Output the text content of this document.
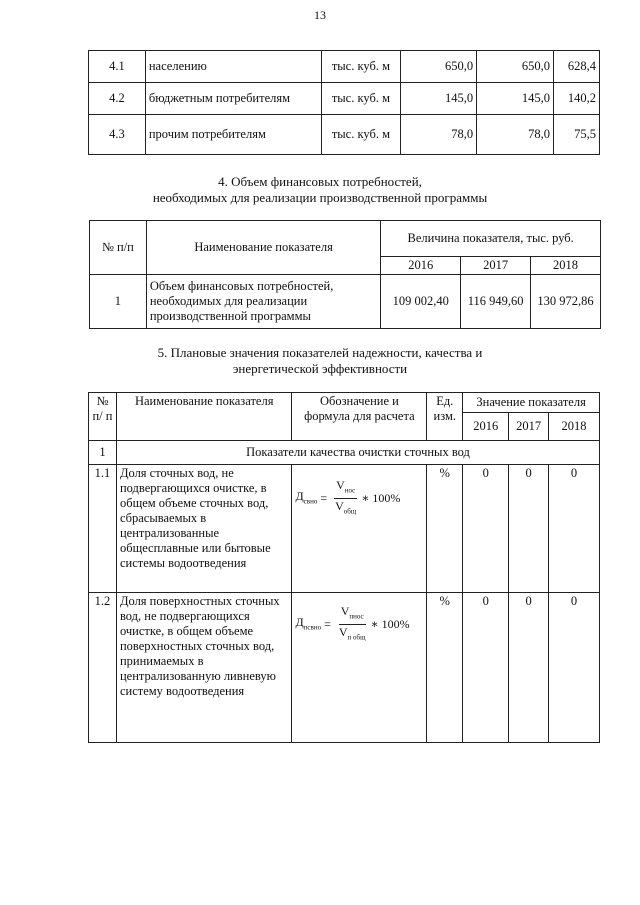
13
4.1	населению	тыс. куб. м	650,0	650,0	628,4
4.2	бюджетным потребителям	тыс. куб. м	145,0	145,0	140,2
4.3	прочим потребителям	тыс. куб. м	78,0	78,0	75,5
4. Объем финансовых потребностей,
необходимых для реализации производственной программы
№ п/п	Наименование показателя	Величина показателя, тыс. руб.		
		2016	2017	2018
1	Объем финансовых потребностей, необходимых для реализации производственной программы	109 002,40	116 949,60	130 972,86
5. Плановые значения показателей надежности, качества и
энергетической эффективности
№ п/ п	Наименование показателя	Обозначение и формула для расчета	Ед. изм.	Значение показателя		
				2016	2017	2018
1	Показатели качества очистки сточных вод					
1.1	Доля сточных вод, не подвергающихся очистке, в общем объеме сточных вод, сбрасываемых в централизованные общесплавные или бытовые системы водоотведения	$Д_{свно} = \frac{V_{нос}}{V_{общ}}$ ∗ 100%	%	0	0	0
1.2	Доля поверхностных сточных вод, не подвергающихся очистке, в общем объеме поверхностных сточных вод, принимаемых в централизованную ливневую систему водоотведения	$Д_{псвно} = \frac{V_{пнос}}{V_{п общ}}$ ∗ 100%	%	0	0	0
